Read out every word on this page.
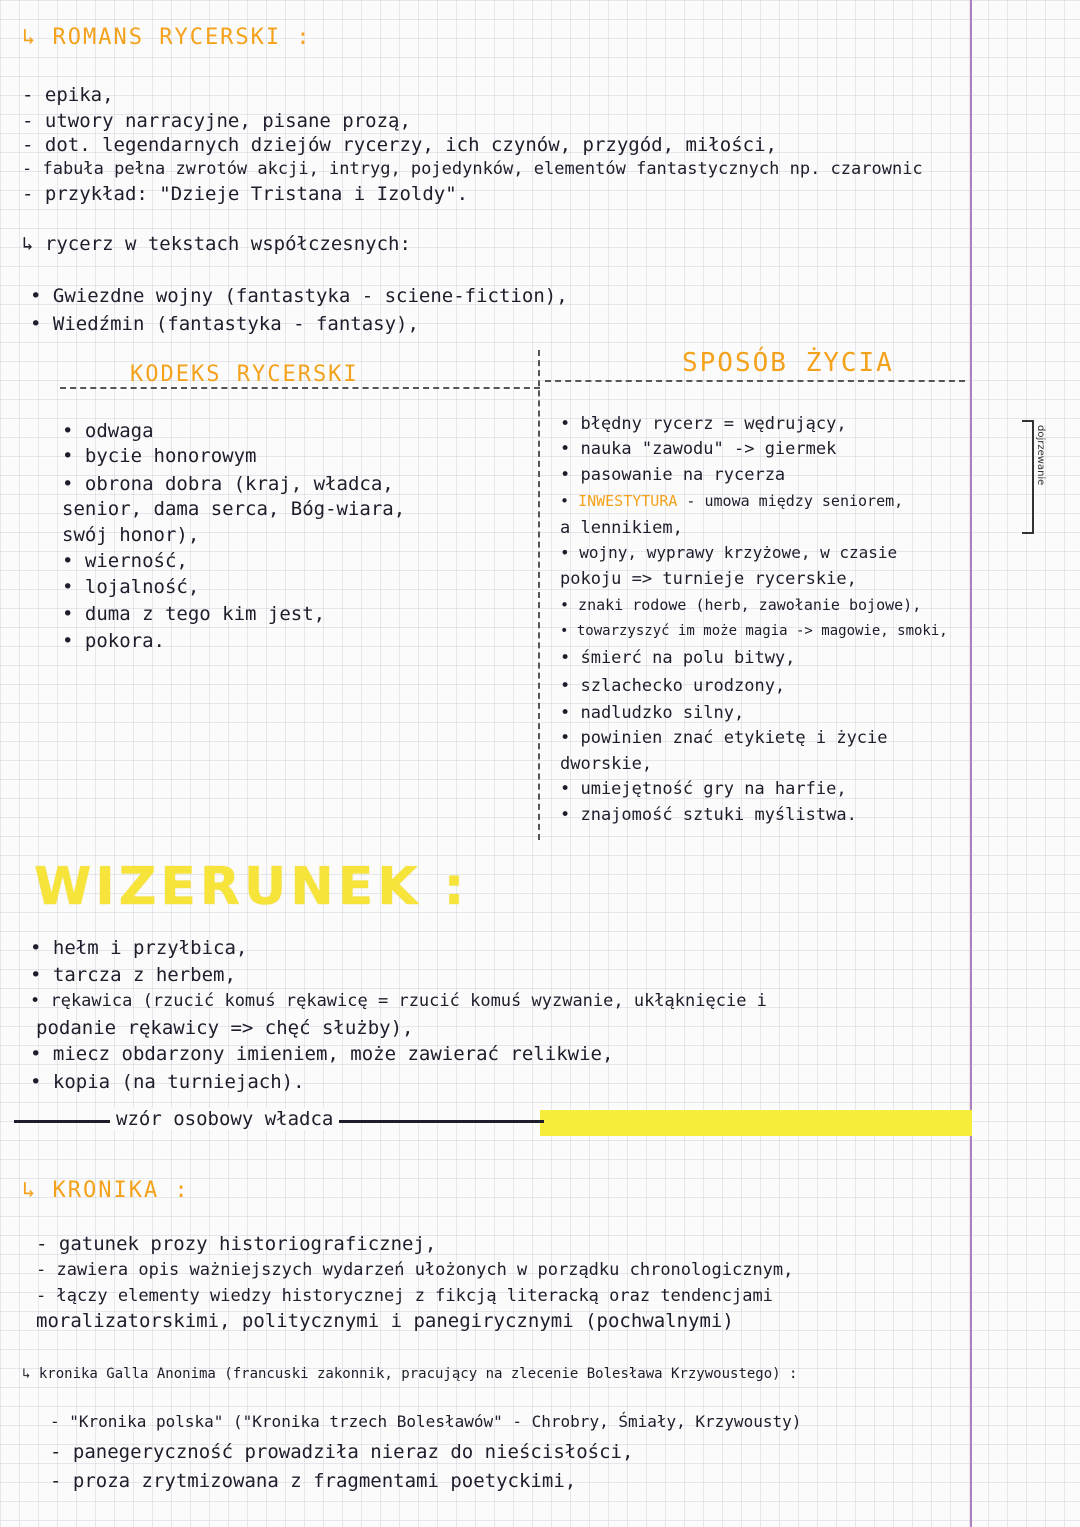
↳ ROMANS RYCERSKI :
- epika,
- utwory narracyjne, pisane prozą,
- dot. legendarnych dziejów rycerzy, ich czynów, przygód, miłości,
- fabuła pełna zwrotów akcji, intryg, pojedynków, elementów fantastycznych np. czarownic
- przykład: "Dzieje Tristana i Izoldy".
↳ rycerz w tekstach współczesnych:
• Gwiezdne wojny (fantastyka - sciene-fiction),
• Wiedźmin (fantastyka - fantasy),
KODEKS RYCERSKI	SPOSÓB ŻYCIA
• odwaga
• bycie honorowym
• obrona dobra (kraj, władca,
senior, dama serca, Bóg-wiara,
swój honor),
• wierność,
• lojalność,
• duma z tego kim jest,
• pokora.
• błędny rycerz = wędrujący,
• nauka "zawodu" -> giermek
• pasowanie na rycerza
• INWESTYTURA - umowa między seniorem,
a lennikiem,
• wojny, wyprawy krzyżowe, w czasie
pokoju => turnieje rycerskie,
• znaki rodowe (herb, zawołanie bojowe),
• towarzyszyć im może magia -> magowie, smoki,
• śmierć na polu bitwy,
• szlachecko urodzony,
• nadludzko silny,
• powinien znać etykietę i życie
dworskie,
• umiejętność gry na harfie,
• znajomość sztuki myślistwa.
dojrzewanie
WIZERUNEK :
• hełm i przyłbica,
• tarcza z herbem,
• rękawica (rzucić komuś rękawicę = rzucić komuś wyzwanie, ukłąknięcie i
podanie rękawicy => chęć służby),
• miecz obdarzony imieniem, może zawierać relikwie,
• kopia (na turniejach).
wzór osobowy władca
↳ KRONIKA :
- gatunek prozy historiograficznej,
- zawiera opis ważniejszych wydarzeń ułożonych w porządku chronologicznym,
- łączy elementy wiedzy historycznej z fikcją literacką oraz tendencjami
moralizatorskimi, politycznymi i panegirycznymi (pochwalnymi)
↳ kronika Galla Anonima (francuski zakonnik, pracujący na zlecenie Bolesława Krzywoustego) :
- "Kronika polska" ("Kronika trzech Bolesławów" - Chrobry, Śmiały, Krzywousty)
- panegeryczność prowadziła nieraz do nieścisłości,
- proza zrytmizowana z fragmentami poetyckimi,
